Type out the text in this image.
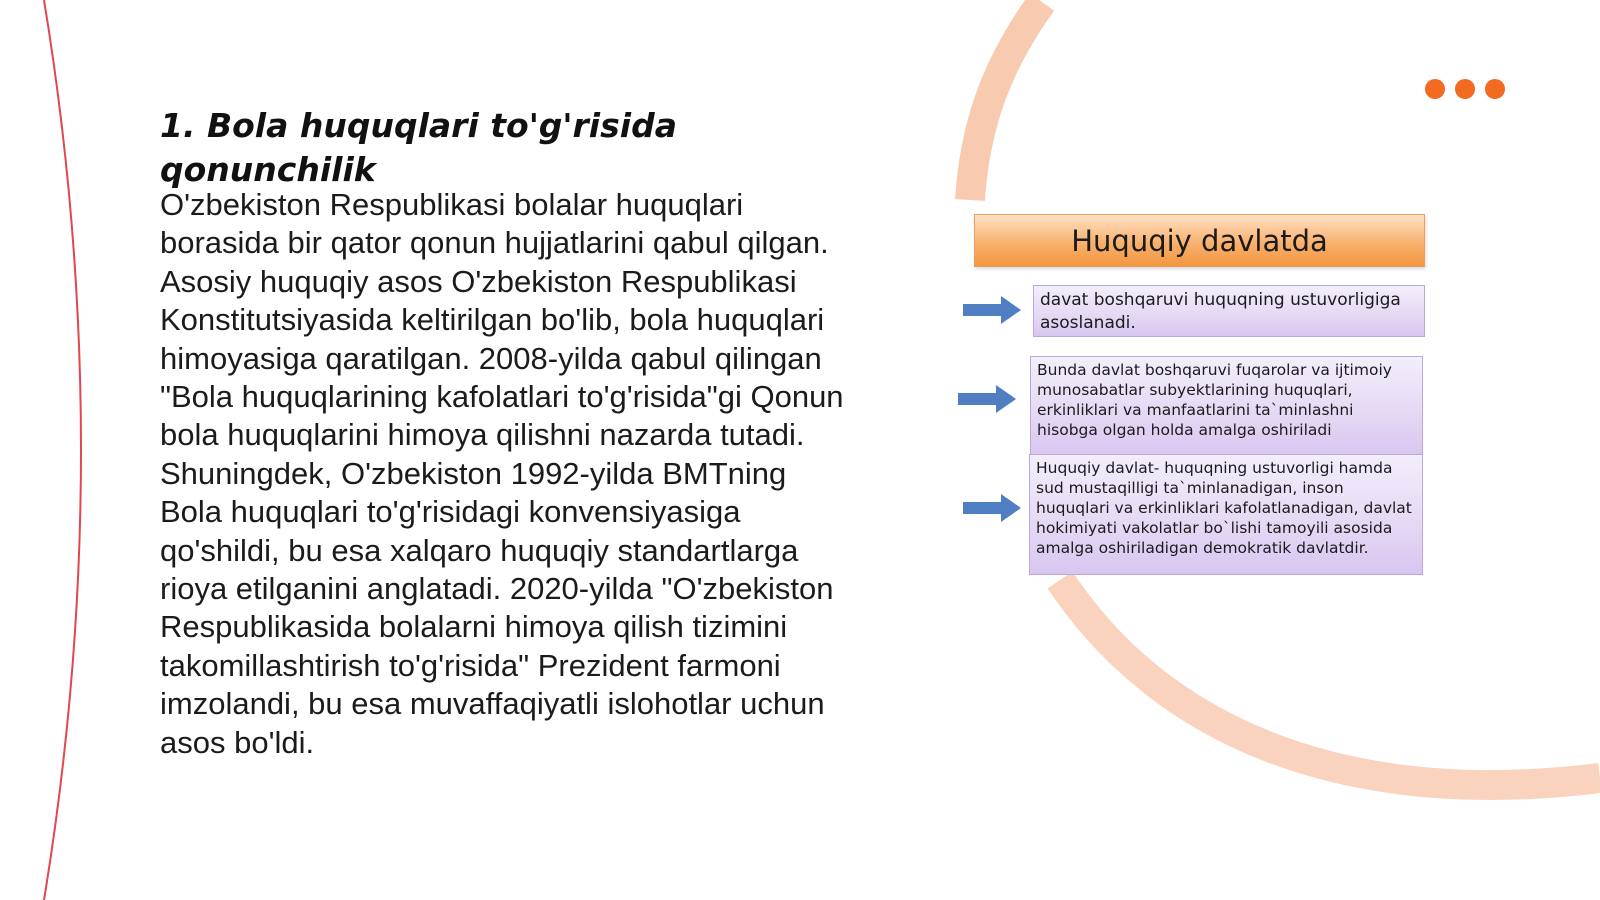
1. Bola huquqlari to'g'risida qonunchilik

O'zbekiston Respublikasi bolalar huquqlari borasida bir qator qonun hujjatlarini qabul qilgan. Asosiy huquqiy asos O'zbekiston Respublikasi Konstitutsiyasida keltirilgan bo'lib, bola huquqlari himoyasiga qaratilgan. 2008-yilda qabul qilingan "Bola huquqlarining kafolatlari to'g'risida"gi Qonun bola huquqlarini himoya qilishni nazarda tutadi. Shuningdek, O'zbekiston 1992-yilda BMTning Bola huquqlari to'g'risidagi konvensiyasiga qo'shildi, bu esa xalqaro huquqiy standartlarga rioya etilganini anglatadi. 2020-yilda "O'zbekiston Respublikasida bolalarni himoya qilish tizimini takomillashtirish to'g'risida" Prezident farmoni imzolandi, bu esa muvaffaqiyatli islohotlar uchun asos bo'ldi.

Huquqiy davlatda
davat boshqaruvi huquqning ustuvorligiga asoslanadi.
Bunda davlat boshqaruvi fuqarolar va ijtimoiy munosabatlar subyektlarining huquqlari, erkinliklari va manfaatlarini ta`minlashni hisobga olgan holda amalga oshiriladi
Huquqiy davlat- huquqning ustuvorligi hamda sud mustaqilligi ta`minlanadigan, inson huquqlari va erkinliklari kafolatlanadigan, davlat hokimiyati vakolatlar bo`lishi tamoyili asosida amalga oshiriladigan demokratik davlatdir.
